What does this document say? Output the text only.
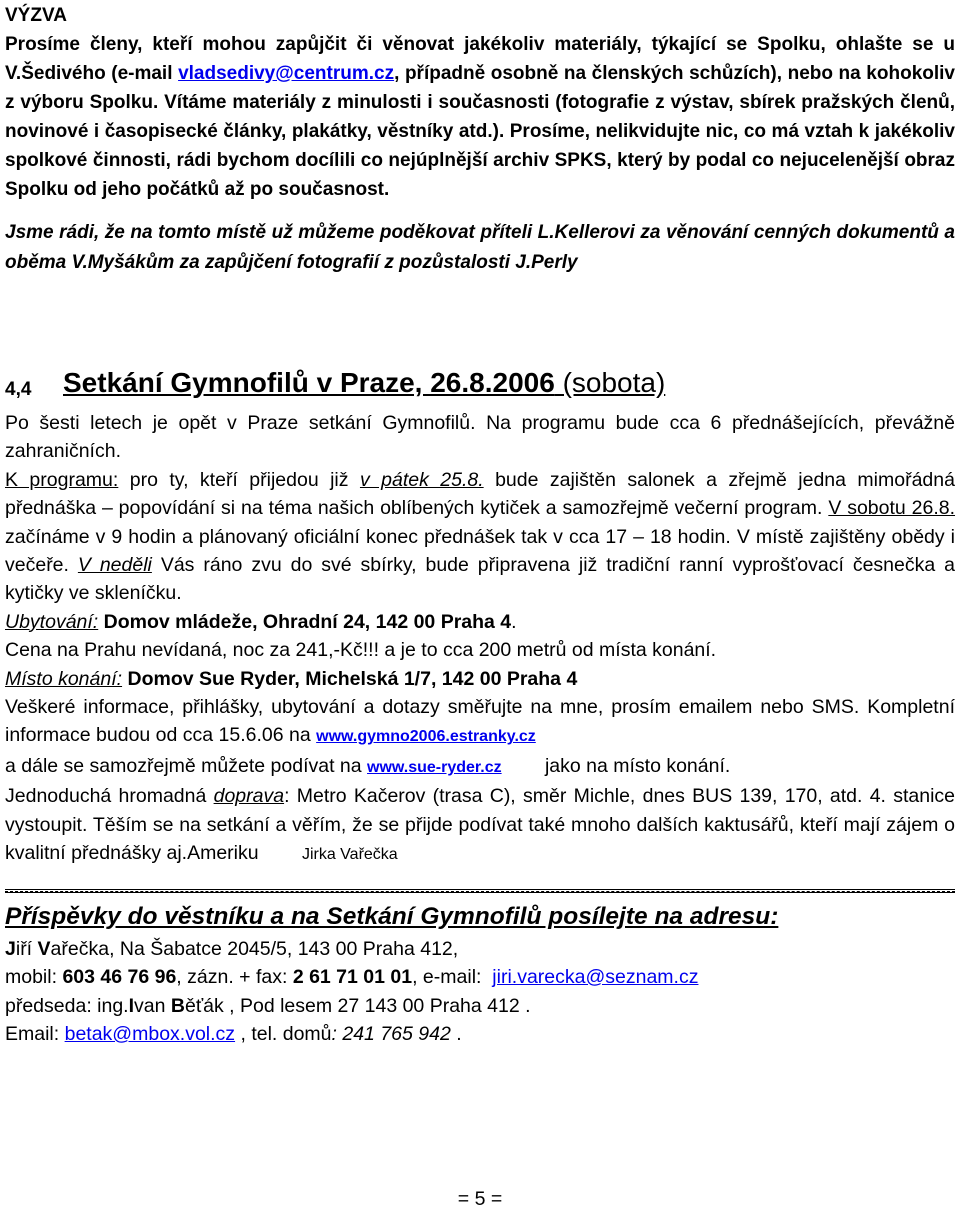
VÝZVA

Prosíme členy, kteří mohou zapůjčit či věnovat jakékoliv materiály, týkající se Spolku, ohlašte se u V.Šedivého (e-mail vladsedivy@centrum.cz, případně osobně na členských schůzích), nebo na kohokoliv z výboru Spolku. Vítáme materiály z minulosti i současnosti (fotografie z výstav, sbírek pražských členů, novinové i časopisecké články, plakátky, věstníky atd.). Prosíme, nelikvidujte nic, co má vztah k jakékoliv spolkové činnosti, rádi bychom docílili co nejúplnější archiv SPKS, který by podal co nejucelenější obraz Spolku od jeho počátků až po současnost.

Jsme rádi, že na tomto místě už můžeme poděkovat příteli L.Kellerovi za věnování cenných dokumentů a oběma V.Myšákům za zapůjčení fotografií z pozůstalosti J.Perly

4,4 Setkání Gymnofilů v Praze, 26.8.2006 (sobota)

Po šesti letech je opět v Praze setkání Gymnofilů. Na programu bude cca 6 přednášejících, převážně zahraničních.

K programu: pro ty, kteří přijedou již v pátek 25.8. bude zajištěn salonek a zřejmě jedna mimořádná přednáška – popovídání si na téma našich oblíbených kytiček a samozřejmě večerní program. V sobotu 26.8. začínáme v 9 hodin a plánovaný oficiální konec přednášek tak v cca 17 – 18 hodin. V místě zajištěny obědy i večeře. V neděli Vás ráno zvu do své sbírky, bude připravena již tradiční ranní vyprošťovací česnečka a kytičky ve skleníčku.

Ubytování: Domov mládeže, Ohradní 24, 142 00 Praha 4.

Cena na Prahu nevídaná, noc za 241,-Kč!!! a je to cca 200 metrů od místa konání.

Místo konání: Domov Sue Ryder, Michelská 1/7, 142 00 Praha 4

Veškeré informace, přihlášky, ubytování a dotazy směřujte na mne, prosím emailem nebo SMS. Kompletní informace budou od cca 15.6.06 na www.gymno2006.estranky.cz
a dále se samozřejmě můžete podívat na www.sue-ryder.cz        jako na místo konání.

Jednoduchá hromadná doprava: Metro Kačerov (trasa C), směr Michle, dnes BUS 139, 170, atd. 4. stanice vystoupit. Těším se na setkání a věřím, že se přijde podívat také mnoho dalších kaktusářů, kteří mají zájem o kvalitní přednášky aj.Ameriku	Jirka Vařečka

Příspěvky do věstníku a na Setkání Gymnofilů posílejte na adresu:

Jiří Vařečka, Na Šabatce 2045/5, 143 00 Praha 412,

mobil: 603 46 76 96, zázn. + fax: 2 61 71 01 01, e-mail:  jiri.varecka@seznam.cz

předseda: ing.Ivan Běťák , Pod lesem 27 143 00 Praha 412 .

Email: betak@mbox.vol.cz , tel. domů: 241 765 942 .

= 5 =
